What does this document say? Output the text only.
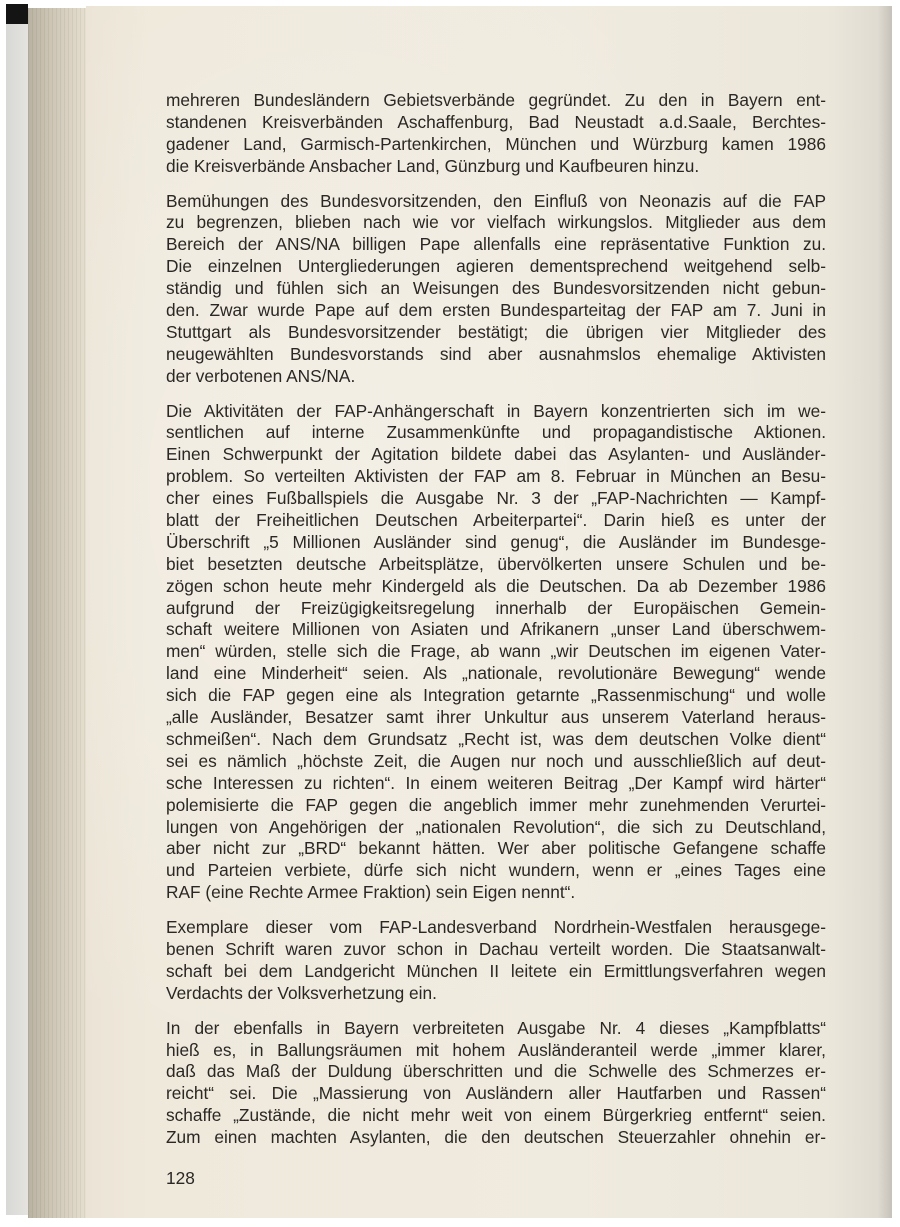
mehreren Bundesländern Gebietsverbände gegründet. Zu den in Bayern ent-
standenen Kreisverbänden Aschaffenburg, Bad Neustadt a.d.Saale, Berchtes-
gadener Land, Garmisch-Partenkirchen, München und Würzburg kamen 1986
die Kreisverbände Ansbacher Land, Günzburg und Kaufbeuren hinzu.
Bemühungen des Bundesvorsitzenden, den Einfluß von Neonazis auf die FAP
zu begrenzen, blieben nach wie vor vielfach wirkungslos. Mitglieder aus dem
Bereich der ANS/NA billigen Pape allenfalls eine repräsentative Funktion zu.
Die einzelnen Untergliederungen agieren dementsprechend weitgehend selb-
ständig und fühlen sich an Weisungen des Bundesvorsitzenden nicht gebun-
den. Zwar wurde Pape auf dem ersten Bundesparteitag der FAP am 7. Juni in
Stuttgart als Bundesvorsitzender bestätigt; die übrigen vier Mitglieder des
neugewählten Bundesvorstands sind aber ausnahmslos ehemalige Aktivisten
der verbotenen ANS/NA.
Die Aktivitäten der FAP-Anhängerschaft in Bayern konzentrierten sich im we-
sentlichen auf interne Zusammenkünfte und propagandistische Aktionen.
Einen Schwerpunkt der Agitation bildete dabei das Asylanten- und Ausländer-
problem. So verteilten Aktivisten der FAP am 8. Februar in München an Besu-
cher eines Fußballspiels die Ausgabe Nr. 3 der „FAP-Nachrichten — Kampf-
blatt der Freiheitlichen Deutschen Arbeiterpartei“. Darin hieß es unter der
Überschrift „5 Millionen Ausländer sind genug“, die Ausländer im Bundesge-
biet besetzten deutsche Arbeitsplätze, übervölkerten unsere Schulen und be-
zögen schon heute mehr Kindergeld als die Deutschen. Da ab Dezember 1986
aufgrund der Freizügigkeitsregelung innerhalb der Europäischen Gemein-
schaft weitere Millionen von Asiaten und Afrikanern „unser Land überschwem-
men“ würden, stelle sich die Frage, ab wann „wir Deutschen im eigenen Vater-
land eine Minderheit“ seien. Als „nationale, revolutionäre Bewegung“ wende
sich die FAP gegen eine als Integration getarnte „Rassenmischung“ und wolle
„alle Ausländer, Besatzer samt ihrer Unkultur aus unserem Vaterland heraus-
schmeißen“. Nach dem Grundsatz „Recht ist, was dem deutschen Volke dient“
sei es nämlich „höchste Zeit, die Augen nur noch und ausschließlich auf deut-
sche Interessen zu richten“. In einem weiteren Beitrag „Der Kampf wird härter“
polemisierte die FAP gegen die angeblich immer mehr zunehmenden Verurtei-
lungen von Angehörigen der „nationalen Revolution“, die sich zu Deutschland,
aber nicht zur „BRD“ bekannt hätten. Wer aber politische Gefangene schaffe
und Parteien verbiete, dürfe sich nicht wundern, wenn er „eines Tages eine
RAF (eine Rechte Armee Fraktion) sein Eigen nennt“.
Exemplare dieser vom FAP-Landesverband Nordrhein-Westfalen herausgege-
benen Schrift waren zuvor schon in Dachau verteilt worden. Die Staatsanwalt-
schaft bei dem Landgericht München II leitete ein Ermittlungsverfahren wegen
Verdachts der Volksverhetzung ein.
In der ebenfalls in Bayern verbreiteten Ausgabe Nr. 4 dieses „Kampfblatts“
hieß es, in Ballungsräumen mit hohem Ausländeranteil werde „immer klarer,
daß das Maß der Duldung überschritten und die Schwelle des Schmerzes er-
reicht“ sei. Die „Massierung von Ausländern aller Hautfarben und Rassen“
schaffe „Zustände, die nicht mehr weit von einem Bürgerkrieg entfernt“ seien.
Zum einen machten Asylanten, die den deutschen Steuerzahler ohnehin er-
128
